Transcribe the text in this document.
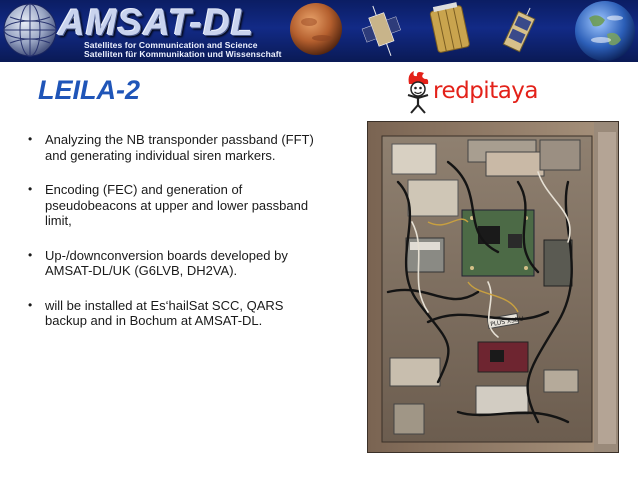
AMSAT-DL
Satellites for Communication and Science
Satelliten für Kommunikation und Wissenschaft
LEILA-2	redpitaya
• Analyzing the NB transponder passband (FFT) and generating individual siren markers.
• Encoding (FEC) and generation of pseudobeacons at upper and lower passband limit,
• Up-/downconversion boards developed by AMSAT-DL/UK (G6LVB, DH2VA).
• will be installed at Es‘hailSat SCC, QARS backup and in Bochum at AMSAT-DL.	PLUS XSDU
